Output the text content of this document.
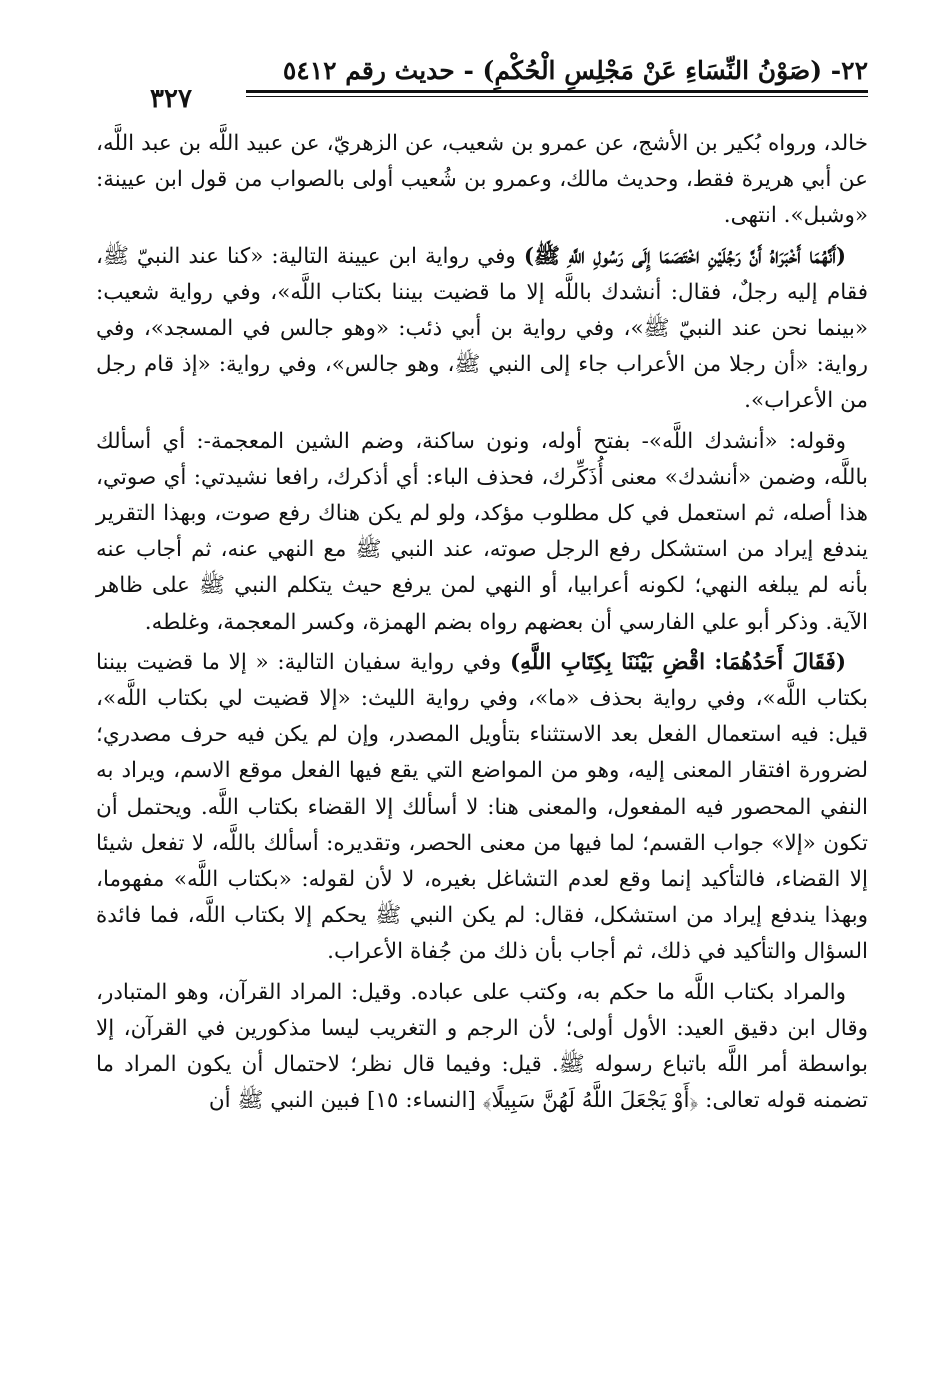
٢٢- (صَوْنُ النِّسَاءِ عَنْ مَجْلِسِ الْحُكْمِ) - حديث رقم ٥٤١٢

خالد، ورواه بُكير بن الأشج، عن عمرو بن شعيب، عن الزهريّ، عن عبيد اللَّه بن عبد اللَّه، عن أبي هريرة فقط، وحديث مالك، وعمرو بن شُعيب أولى بالصواب من قول ابن عيينة: «وشبل». انتهى.

(أَنَّهُمَا أَخْبَرَاهُ أَنَّ رَجُلَيْنِ اخْتَصَمَا إِلَى رَسُولِ اللَّهِ ﷺ) وفي رواية ابن عيينة التالية: «كنا عند النبيّ ﷺ، فقام إليه رجلٌ، فقال: أنشدك باللَّه إلا ما قضيت بيننا بكتاب اللَّه»، وفي رواية شعيب: «بينما نحن عند النبيّ ﷺ»، وفي رواية بن أبي ذئب: «وهو جالس في المسجد»، وفي رواية: «أن رجلا من الأعراب جاء إلى النبي ﷺ، وهو جالس»، وفي رواية: «إذ قام رجل من الأعراب».

وقوله: «أنشدك اللَّه»- بفتح أوله، ونون ساكنة، وضم الشين المعجمة-: أي أسألك باللَّه، وضمن «أنشدك» معنى أُذَكِّرك، فحذف الباء: أي أذكرك، رافعا نشيدتي: أي صوتي، هذا أصله، ثم استعمل في كل مطلوب مؤكد، ولو لم يكن هناك رفع صوت، وبهذا التقرير يندفع إيراد من استشكل رفع الرجل صوته، عند النبي ﷺ مع النهي عنه، ثم أجاب عنه بأنه لم يبلغه النهي؛ لكونه أعرابيا، أو النهي لمن يرفع حيث يتكلم النبي ﷺ على ظاهر الآية. وذكر أبو علي الفارسي أن بعضهم رواه بضم الهمزة، وكسر المعجمة، وغلطه.

(فَقَالَ أَحَدُهُمَا: اقْضِ بَيْنَنَا بِكِتَابِ اللَّهِ) وفي رواية سفيان التالية: « إلا ما قضيت بيننا بكتاب اللَّه»، وفي رواية بحذف «ما»، وفي رواية الليث: «إلا قضيت لي بكتاب اللَّه»، قيل: فيه استعمال الفعل بعد الاستثناء بتأويل المصدر، وإن لم يكن فيه حرف مصدري؛ لضرورة افتقار المعنى إليه، وهو من المواضع التي يقع فيها الفعل موقع الاسم، ويراد به النفي المحصور فيه المفعول، والمعنى هنا: لا أسألك إلا القضاء بكتاب اللَّه. ويحتمل أن تكون «إلا» جواب القسم؛ لما فيها من معنى الحصر، وتقديره: أسألك باللَّه، لا تفعل شيئا إلا القضاء، فالتأكيد إنما وقع لعدم التشاغل بغيره، لا لأن لقوله: «بكتاب اللَّه» مفهوما، وبهذا يندفع إيراد من استشكل، فقال: لم يكن النبي ﷺ يحكم إلا بكتاب اللَّه، فما فائدة السؤال والتأكيد في ذلك، ثم أجاب بأن ذلك من جُفاة الأعراب.

والمراد بكتاب اللَّه ما حكم به، وكتب على عباده. وقيل: المراد القرآن، وهو المتبادر، وقال ابن دقيق العيد: الأول أولى؛ لأن الرجم و التغريب ليسا مذكورين في القرآن، إلا بواسطة أمر اللَّه باتباع رسوله ﷺ. قيل: وفيما قال نظر؛ لاحتمال أن يكون المراد ما تضمنه قوله تعالى: ﴿أَوْ يَجْعَلَ اللَّهُ لَهُنَّ سَبِيلًا﴾ [النساء: ١٥] فبين النبي ﷺ أن

٣٢٧
